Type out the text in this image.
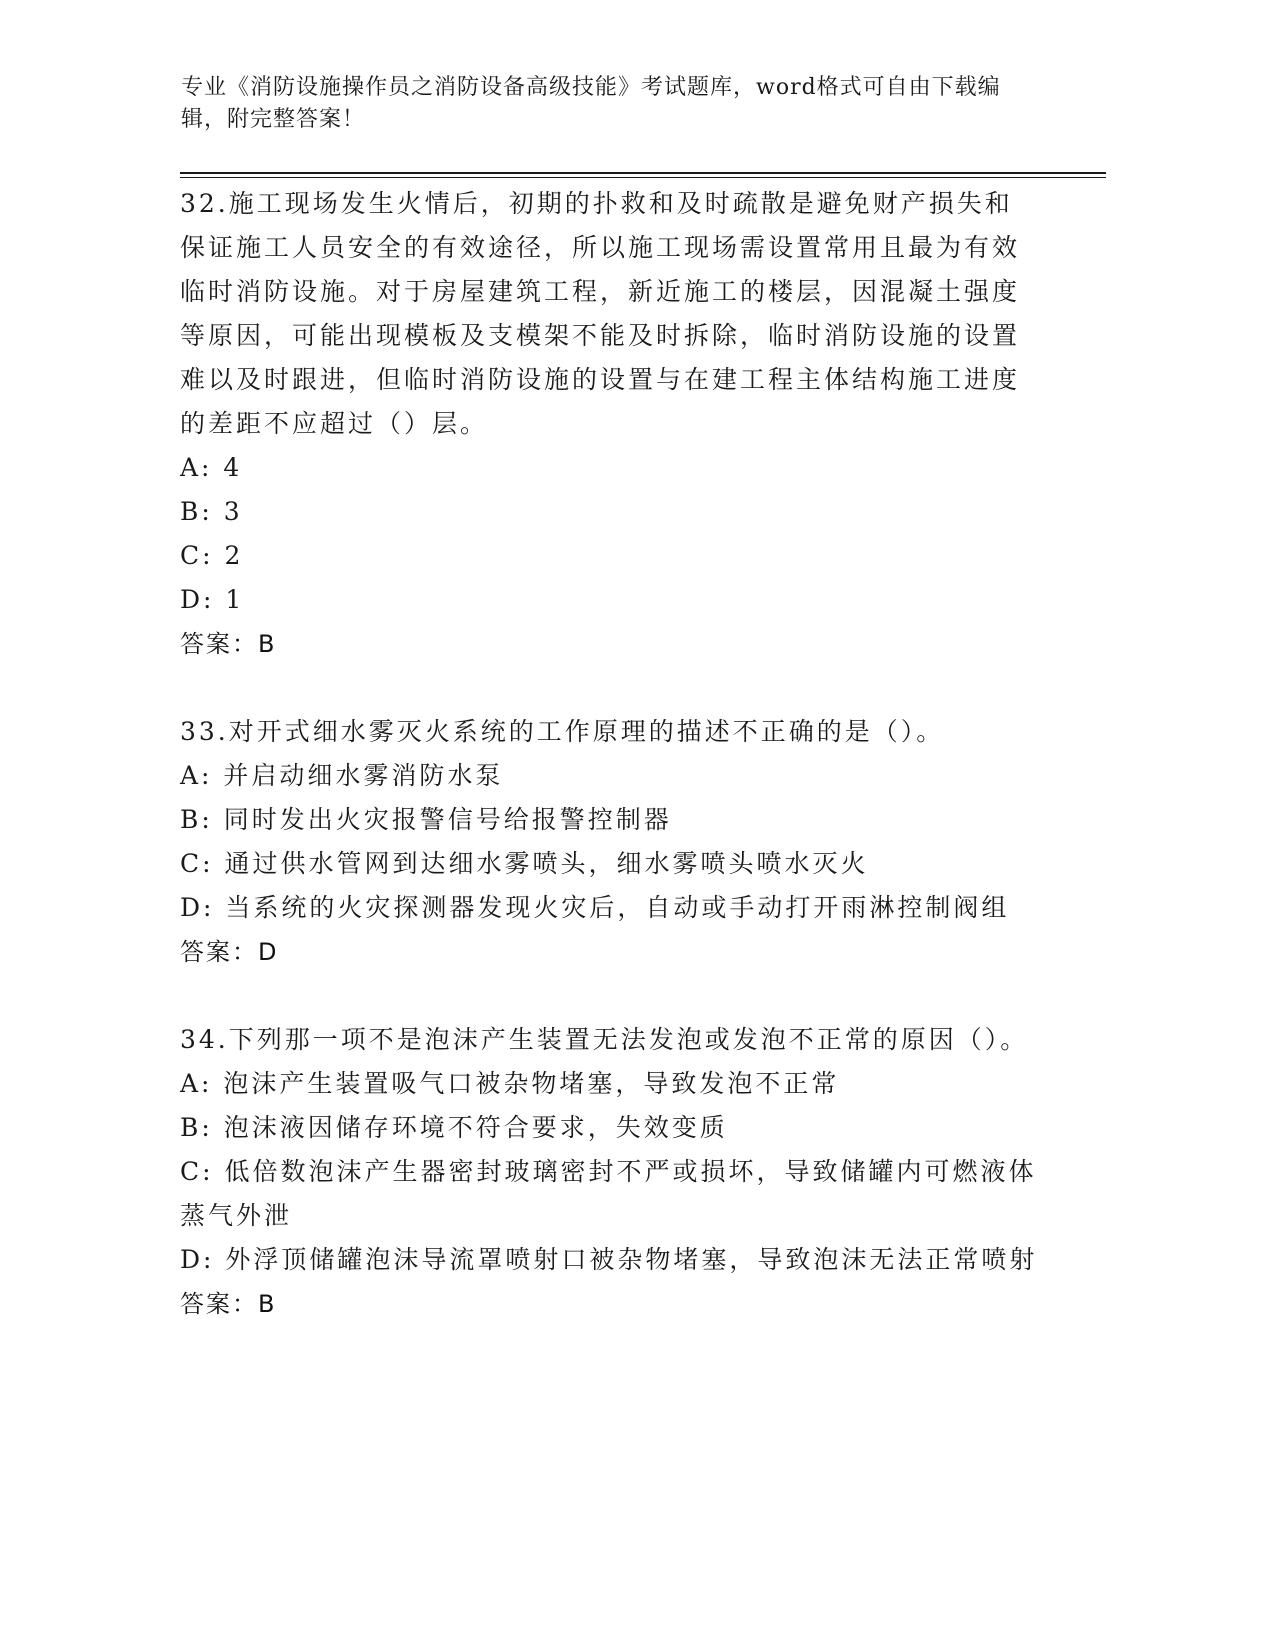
专业《消防设施操作员之消防设备高级技能》考试题库，word格式可自由下载编辑，附完整答案！
32.施工现场发生火情后，初期的扑救和及时疏散是避免财产损失和保证施工人员安全的有效途径，所以施工现场需设置常用且最为有效临时消防设施。对于房屋建筑工程，新近施工的楼层，因混凝土强度等原因，可能出现模板及支模架不能及时拆除，临时消防设施的设置难以及时跟进，但临时消防设施的设置与在建工程主体结构施工进度的差距不应超过（）层。
A: 4
B: 3
C: 2
D: 1
答案：B
33.对开式细水雾灭火系统的工作原理的描述不正确的是（）。
A: 并启动细水雾消防水泵
B: 同时发出火灾报警信号给报警控制器
C: 通过供水管网到达细水雾喷头，细水雾喷头喷水灭火
D: 当系统的火灾探测器发现火灾后，自动或手动打开雨淋控制阀组
答案：D
34.下列那一项不是泡沫产生装置无法发泡或发泡不正常的原因（）。
A: 泡沫产生装置吸气口被杂物堵塞，导致发泡不正常
B: 泡沫液因储存环境不符合要求，失效变质
C: 低倍数泡沫产生器密封玻璃密封不严或损坏，导致储罐内可燃液体蒸气外泄
D: 外浮顶储罐泡沫导流罩喷射口被杂物堵塞，导致泡沫无法正常喷射
答案：B
